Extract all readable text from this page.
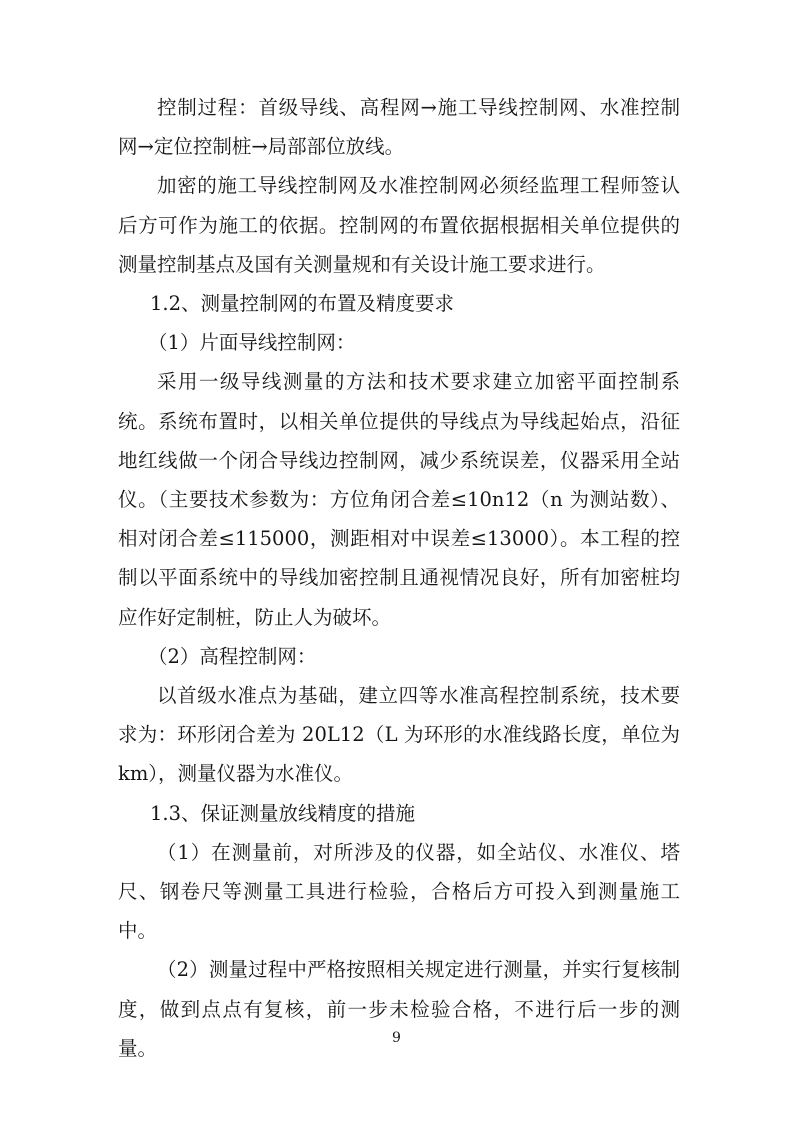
控制过程：首级导线、高程网→施工导线控制网、水准控制网→定位控制桩→局部部位放线。

加密的施工导线控制网及水准控制网必须经监理工程师签认后方可作为施工的依据。控制网的布置依据根据相关单位提供的测量控制基点及国有关测量规和有关设计施工要求进行。

1.2、测量控制网的布置及精度要求

（1）片面导线控制网：

采用一级导线测量的方法和技术要求建立加密平面控制系统。系统布置时，以相关单位提供的导线点为导线起始点，沿征地红线做一个闭合导线边控制网，减少系统误差，仪器采用全站仪。（主要技术参数为：方位角闭合差≤10n12（n 为测站数）、相对闭合差≤115000，测距相对中误差≤13000）。本工程的控制以平面系统中的导线加密控制且通视情况良好，所有加密桩均应作好定制桩，防止人为破坏。

（2）高程控制网：

以首级水准点为基础，建立四等水准高程控制系统，技术要求为：环形闭合差为 20L12（L 为环形的水准线路长度，单位为 km），测量仪器为水准仪。

1.3、保证测量放线精度的措施

（1）在测量前，对所涉及的仪器，如全站仪、水准仪、塔尺、钢卷尺等测量工具进行检验，合格后方可投入到测量施工中。

（2）测量过程中严格按照相关规定进行测量，并实行复核制度，做到点点有复核，前一步未检验合格，不进行后一步的测量。	9
